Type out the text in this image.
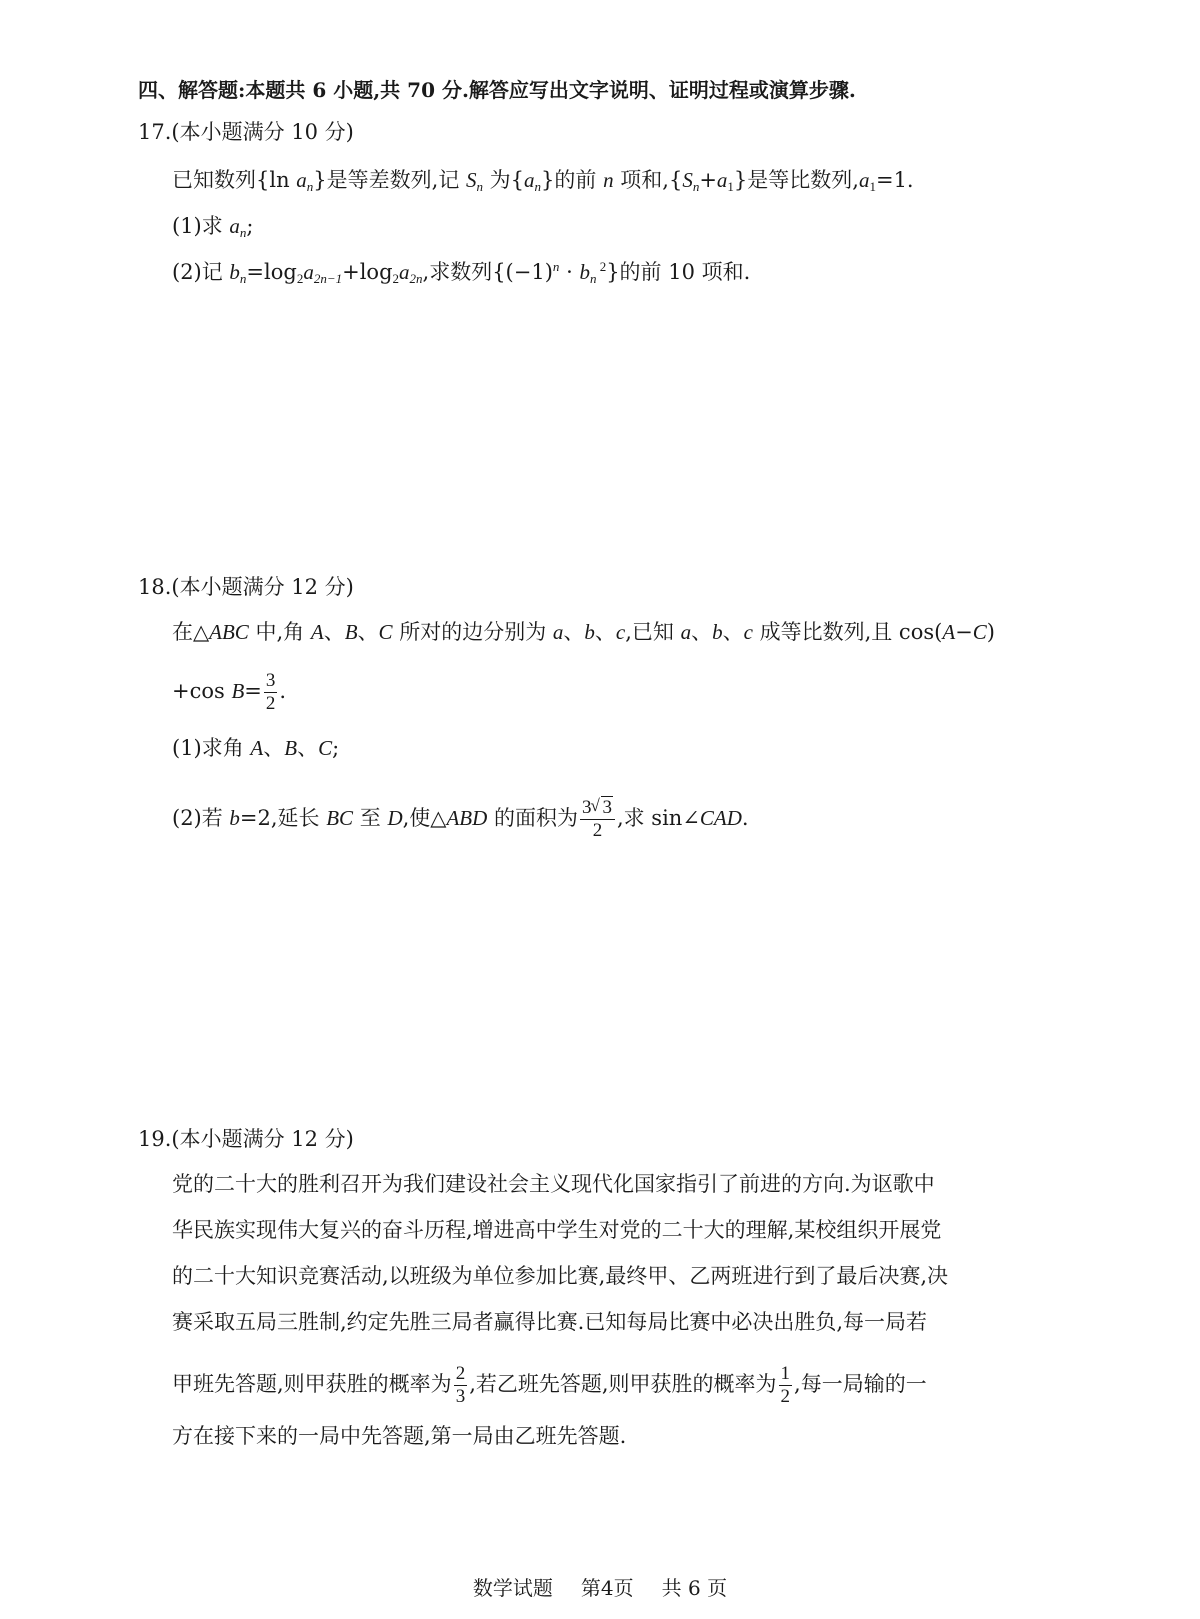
四、解答题:本题共 6 小题,共 70 分.解答应写出文字说明、证明过程或演算步骤.
17.(本小题满分 10 分)
已知数列{ln $a_n$}是等差数列,记 $S_n$ 为$\{a_n\}$的前 n 项和$,\{S_n+a_1\}$是等比数列$,a_1=1$.
(1)求 $a_n$;
(2)记 $b_n=\log_2a_{2n-1}+\log_2a_{2n}$,求数列{$(-1)^n \cdot b_n$ $^2$}的前 10 项和.
18.(本小题满分 12 分)
在△ABC 中,角 A、B、C 所对的边分别为 a、b、c,已知 a、b、c 成等比数列,且 cos(A−C)
+cos $B= \frac{3}{2}$ .
(1)求角 A、B、C;
(2)若 b=2,延长 BC 至 D,使△ABD 的面积为 $\frac{3√ 3}{2}$ ,求 sin∠CAD.
19.(本小题满分 12 分)
党的二十大的胜利召开为我们建设社会主义现代化国家指引了前进的方向.为讴歌中
华民族实现伟大复兴的奋斗历程,增进高中学生对党的二十大的理解,某校组织开展党
的二十大知识竞赛活动,以班级为单位参加比赛,最终甲、乙两班进行到了最后决赛,决
赛采取五局三胜制,约定先胜三局者赢得比赛.已知每局比赛中必决出胜负,每一局若
甲班先答题,则甲获胜的概率为 $\frac{2}{3}$ ,若乙班先答题,则甲获胜的概率为 $\frac{1}{2}$ ,每一局输的一
方在接下来的一局中先答题,第一局由乙班先答题.
数学试题 第4页 共 6 页
